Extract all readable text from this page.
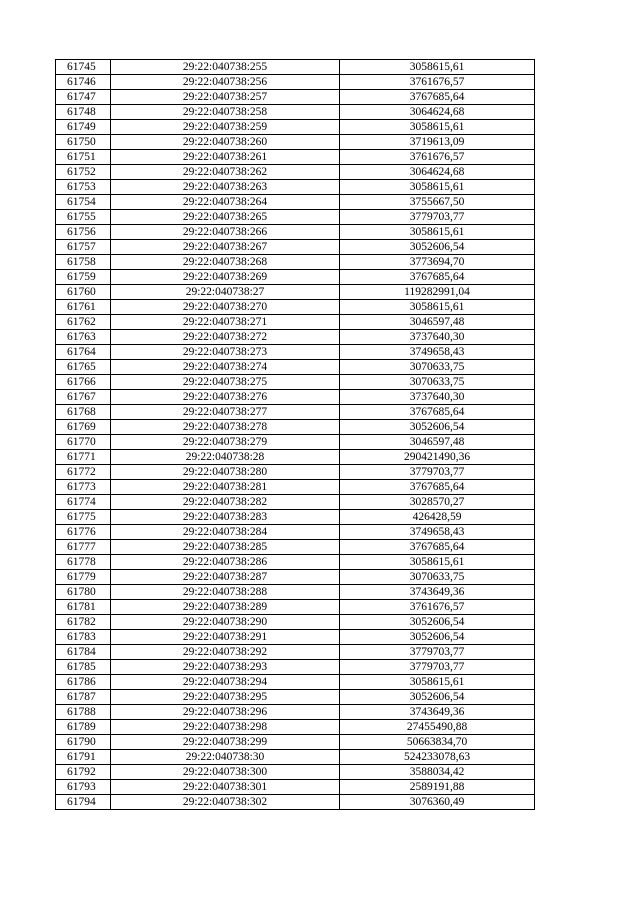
61745	29:22:040738:255	3058615,61
61746	29:22:040738:256	3761676,57
61747	29:22:040738:257	3767685,64
61748	29:22:040738:258	3064624,68
61749	29:22:040738:259	3058615,61
61750	29:22:040738:260	3719613,09
61751	29:22:040738:261	3761676,57
61752	29:22:040738:262	3064624,68
61753	29:22:040738:263	3058615,61
61754	29:22:040738:264	3755667,50
61755	29:22:040738:265	3779703,77
61756	29:22:040738:266	3058615,61
61757	29:22:040738:267	3052606,54
61758	29:22:040738:268	3773694,70
61759	29:22:040738:269	3767685,64
61760	29:22:040738:27	119282991,04
61761	29:22:040738:270	3058615,61
61762	29:22:040738:271	3046597,48
61763	29:22:040738:272	3737640,30
61764	29:22:040738:273	3749658,43
61765	29:22:040738:274	3070633,75
61766	29:22:040738:275	3070633,75
61767	29:22:040738:276	3737640,30
61768	29:22:040738:277	3767685,64
61769	29:22:040738:278	3052606,54
61770	29:22:040738:279	3046597,48
61771	29:22:040738:28	290421490,36
61772	29:22:040738:280	3779703,77
61773	29:22:040738:281	3767685,64
61774	29:22:040738:282	3028570,27
61775	29:22:040738:283	426428,59
61776	29:22:040738:284	3749658,43
61777	29:22:040738:285	3767685,64
61778	29:22:040738:286	3058615,61
61779	29:22:040738:287	3070633,75
61780	29:22:040738:288	3743649,36
61781	29:22:040738:289	3761676,57
61782	29:22:040738:290	3052606,54
61783	29:22:040738:291	3052606,54
61784	29:22:040738:292	3779703,77
61785	29:22:040738:293	3779703,77
61786	29:22:040738:294	3058615,61
61787	29:22:040738:295	3052606,54
61788	29:22:040738:296	3743649,36
61789	29:22:040738:298	27455490,88
61790	29:22:040738:299	50663834,70
61791	29:22:040738:30	524233078,63
61792	29:22:040738:300	3588034,42
61793	29:22:040738:301	2589191,88
61794	29:22:040738:302	3076360,49
